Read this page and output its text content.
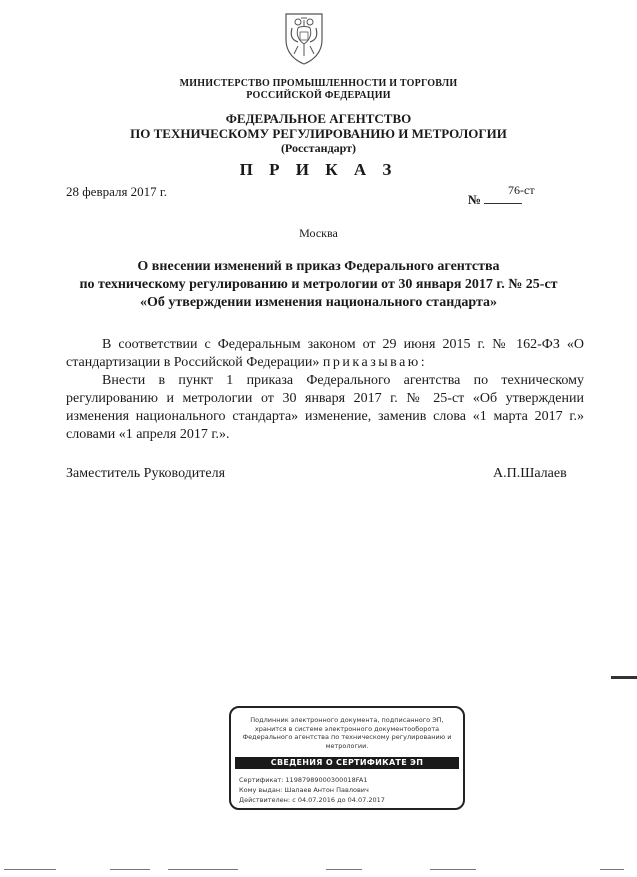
МИНИСТЕРСТВО ПРОМЫШЛЕННОСТИ И ТОРГОВЛИ
РОССИЙСКОЙ ФЕДЕРАЦИИ
ФЕДЕРАЛЬНОЕ АГЕНТСТВО
ПО ТЕХНИЧЕСКОМУ РЕГУЛИРОВАНИЮ И МЕТРОЛОГИИ
(Росстандарт)
П Р И К А З
28 февраля 2017 г.
№
76-ст
Москва
О внесении изменений в приказ Федерального агентства
по техническому регулированию и метрологии от 30 января 2017 г. № 25-ст
«Об утверждении изменения национального стандарта»

В соответствии с Федеральным законом от 29 июня 2015 г. № 162-ФЗ «О стандартизации в Российской Федерации» приказываю:

Внести в пункт 1 приказа Федерального агентства по техническому регулированию и метрологии от 30 января 2017 г. № 25-ст «Об утверждении изменения национального стандарта» изменение, заменив слова «1 марта 2017 г.» словами «1 апреля 2017 г.».

Заместитель Руководителя	А.П.Шалаев
Подлинник электронного документа, подписанного ЭП,
хранится в системе электронного документооборота
Федерального агентства по техническому регулированию и
метрологии.
СВЕДЕНИЯ О СЕРТИФИКАТЕ ЭП
Сертификат: 11987989000300018FA1
Кому выдан: Шалаев Антон Павлович
Действителен: с 04.07.2016 до 04.07.2017
